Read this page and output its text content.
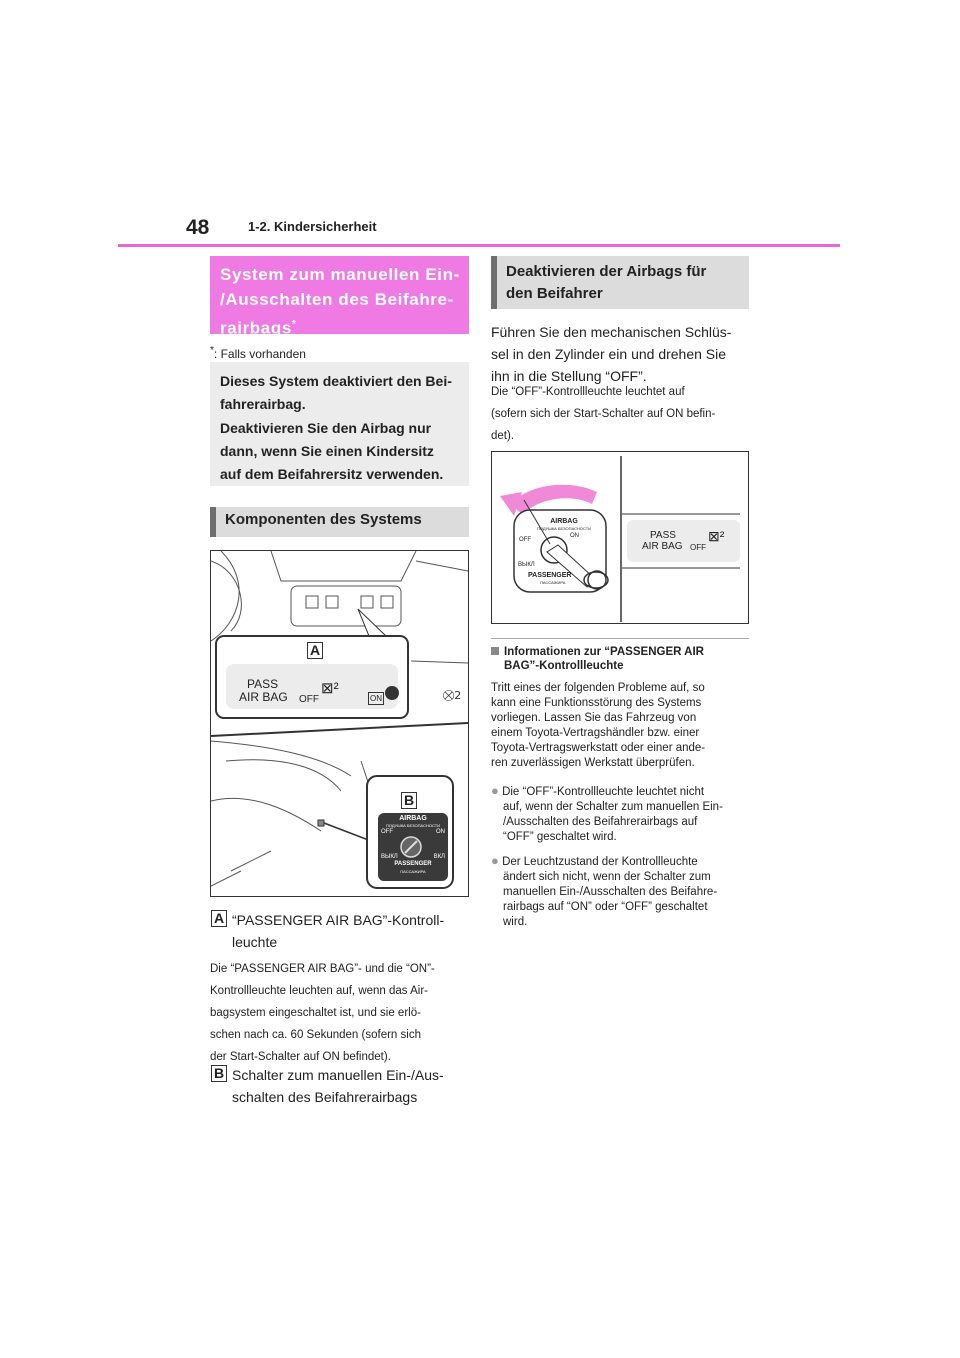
48	1-2. Kindersicherheit
System zum manuellen Ein-
/Ausschalten des Beifahre-
rairbags*
*: Falls vorhanden

Dieses System deaktiviert den Bei-
fahrerairbag.

Deaktivieren Sie den Airbag nur
dann, wenn Sie einen Kindersitz
auf dem Beifahrersitz verwenden.

Komponenten des Systems
⛒2
A
PASS
AIR BAG OFF
⊠²
ON
B
AIRBAG
ПОДУШКА БЕЗОПАСНОСТИ
OFF	ON
ВЫКЛ	ВКЛ
PASSENGER
ПАССАЖИРА
A “PASSENGER AIR BAG”-Kontroll-
leuchte
Die “PASSENGER AIR BAG”- und die “ON”-
Kontrollleuchte leuchten auf, wenn das Air-
bagsystem eingeschaltet ist, und sie erlö-
schen nach ca. 60 Sekunden (sofern sich
der Start-Schalter auf ON befindet).
B Schalter zum manuellen Ein-/Aus-
schalten des Beifahrerairbags
Deaktivieren der Airbags für
den Beifahrer
Führen Sie den mechanischen Schlüs-
sel in den Zylinder ein und drehen Sie
ihn in die Stellung “OFF”.
Die “OFF”-Kontrollleuchte leuchtet auf
(sofern sich der Start-Schalter auf ON befin-
det).
AIRBAG
ПОДУШКА БЕЗОПАСНОСТИ
OFF
ON
ВЫКЛ
PASSENGER
ПАССАЖИРА
PASS
AIR BAG OFF
⊠²
Informationen zur “PASSENGER AIR
BAG”-Kontrollleuchte
Tritt eines der folgenden Probleme auf, so
kann eine Funktionsstörung des Systems
vorliegen. Lassen Sie das Fahrzeug von
einem Toyota-Vertragshändler bzw. einer
Toyota-Vertragswerkstatt oder einer ande-
ren zuverlässigen Werkstatt überprüfen.
● Die “OFF”-Kontrollleuchte leuchtet nicht
auf, wenn der Schalter zum manuellen Ein-
/Ausschalten des Beifahrerairbags auf
“OFF” geschaltet wird.
● Der Leuchtzustand der Kontrollleuchte
ändert sich nicht, wenn der Schalter zum
manuellen Ein-/Ausschalten des Beifahre-
rairbags auf “ON” oder “OFF” geschaltet
wird.
